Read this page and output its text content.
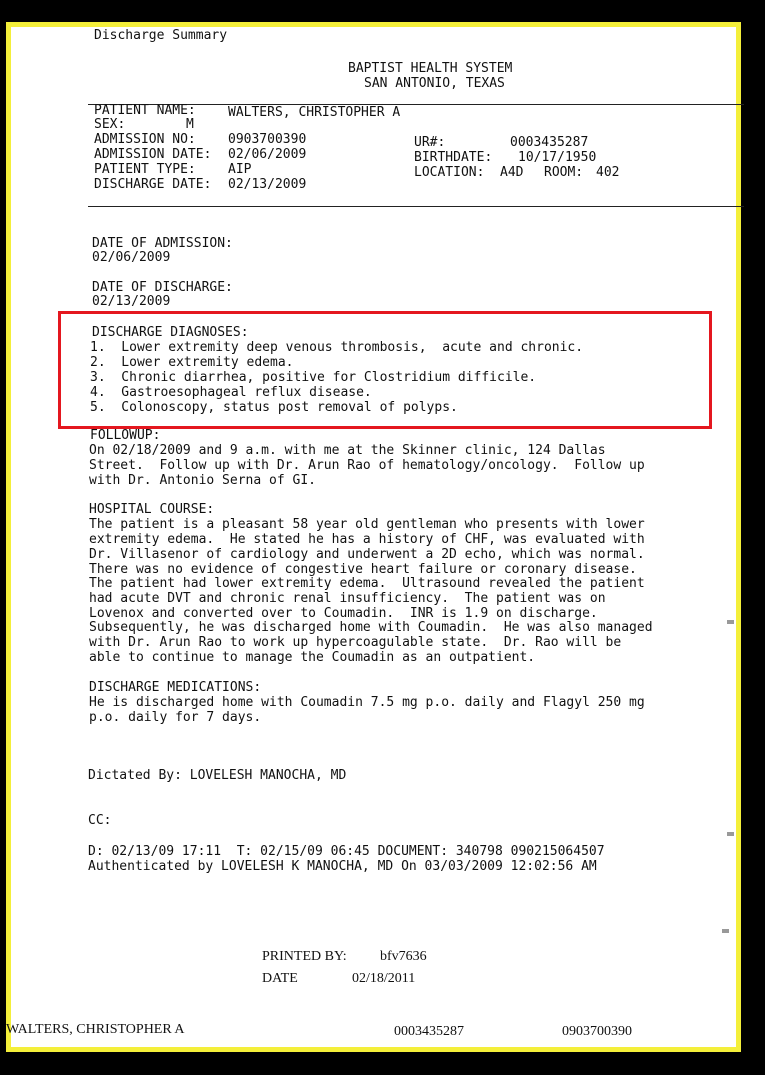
Discharge Summary
BAPTIST HEALTH SYSTEM
SAN ANTONIO, TEXAS
PATIENT NAME: WALTERS, CHRISTOPHER A
SEX:	M
ADMISSION NO: 0903700390
ADMISSION DATE: 02/06/2009
PATIENT TYPE: AIP
DISCHARGE DATE: 02/13/2009
UR#:	0003435287
BIRTHDATE: 10/17/1950
LOCATION: A4D ROOM: 402
DATE OF ADMISSION:
02/06/2009
DATE OF DISCHARGE:
02/13/2009
DISCHARGE DIAGNOSES:
1.  Lower extremity deep venous thrombosis,  acute and chronic.
2.  Lower extremity edema.
3.  Chronic diarrhea, positive for Clostridium difficile.
4.  Gastroesophageal reflux disease.
5.  Colonoscopy, status post removal of polyps.
FOLLOWUP:
On 02/18/2009 and 9 a.m. with me at the Skinner clinic, 124 Dallas
Street.  Follow up with Dr. Arun Rao of hematology/oncology.  Follow up
with Dr. Antonio Serna of GI.
HOSPITAL COURSE:
The patient is a pleasant 58 year old gentleman who presents with lower
extremity edema.  He stated he has a history of CHF, was evaluated with
Dr. Villasenor of cardiology and underwent a 2D echo, which was normal.
There was no evidence of congestive heart failure or coronary disease.
The patient had lower extremity edema.  Ultrasound revealed the patient
had acute DVT and chronic renal insufficiency.  The patient was on
Lovenox and converted over to Coumadin.  INR is 1.9 on discharge.
Subsequently, he was discharged home with Coumadin.  He was also managed
with Dr. Arun Rao to work up hypercoagulable state.  Dr. Rao will be
able to continue to manage the Coumadin as an outpatient.
DISCHARGE MEDICATIONS:
He is discharged home with Coumadin 7.5 mg p.o. daily and Flagyl 250 mg
p.o. daily for 7 days.
Dictated By: LOVELESH MANOCHA, MD
CC:
D: 02/13/09 17:11  T: 02/15/09 06:45 DOCUMENT: 340798 090215064507
Authenticated by LOVELESH K MANOCHA, MD On 03/03/2009 12:02:56 AM
PRINTED BY: bfv7636
DATE	02/18/2011
WALTERS, CHRISTOPHER A	0003435287	0903700390
